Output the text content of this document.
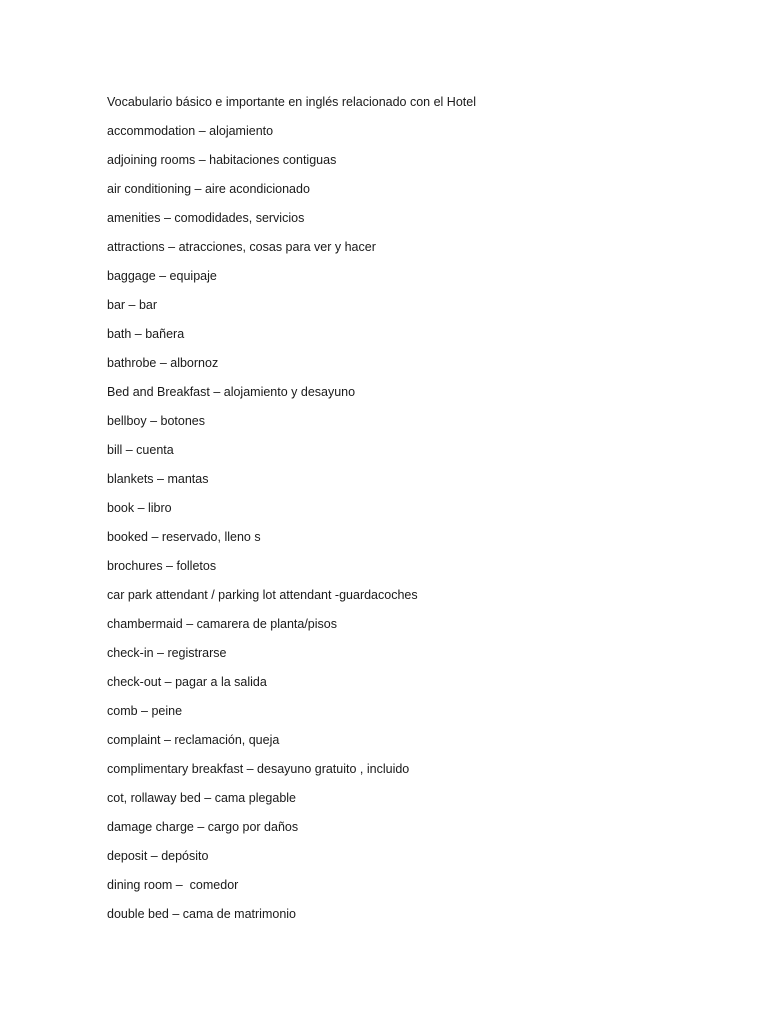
Vocabulario básico e importante en inglés relacionado con el Hotel
accommodation – alojamiento
adjoining rooms – habitaciones contiguas
air conditioning – aire acondicionado
amenities – comodidades, servicios
attractions – atracciones, cosas para ver y hacer
baggage – equipaje
bar – bar
bath – bañera
bathrobe – albornoz
Bed and Breakfast – alojamiento y desayuno
bellboy – botones
bill – cuenta
blankets – mantas
book – libro
booked – reservado, lleno s
brochures – folletos
car park attendant / parking lot attendant -guardacoches
chambermaid – camarera de planta/pisos
check-in – registrarse
check-out – pagar a la salida
comb – peine
complaint – reclamación, queja
complimentary breakfast – desayuno gratuito , incluido
cot, rollaway bed – cama plegable
damage charge – cargo por daños
deposit – depósito
dining room –  comedor
double bed – cama de matrimonio
